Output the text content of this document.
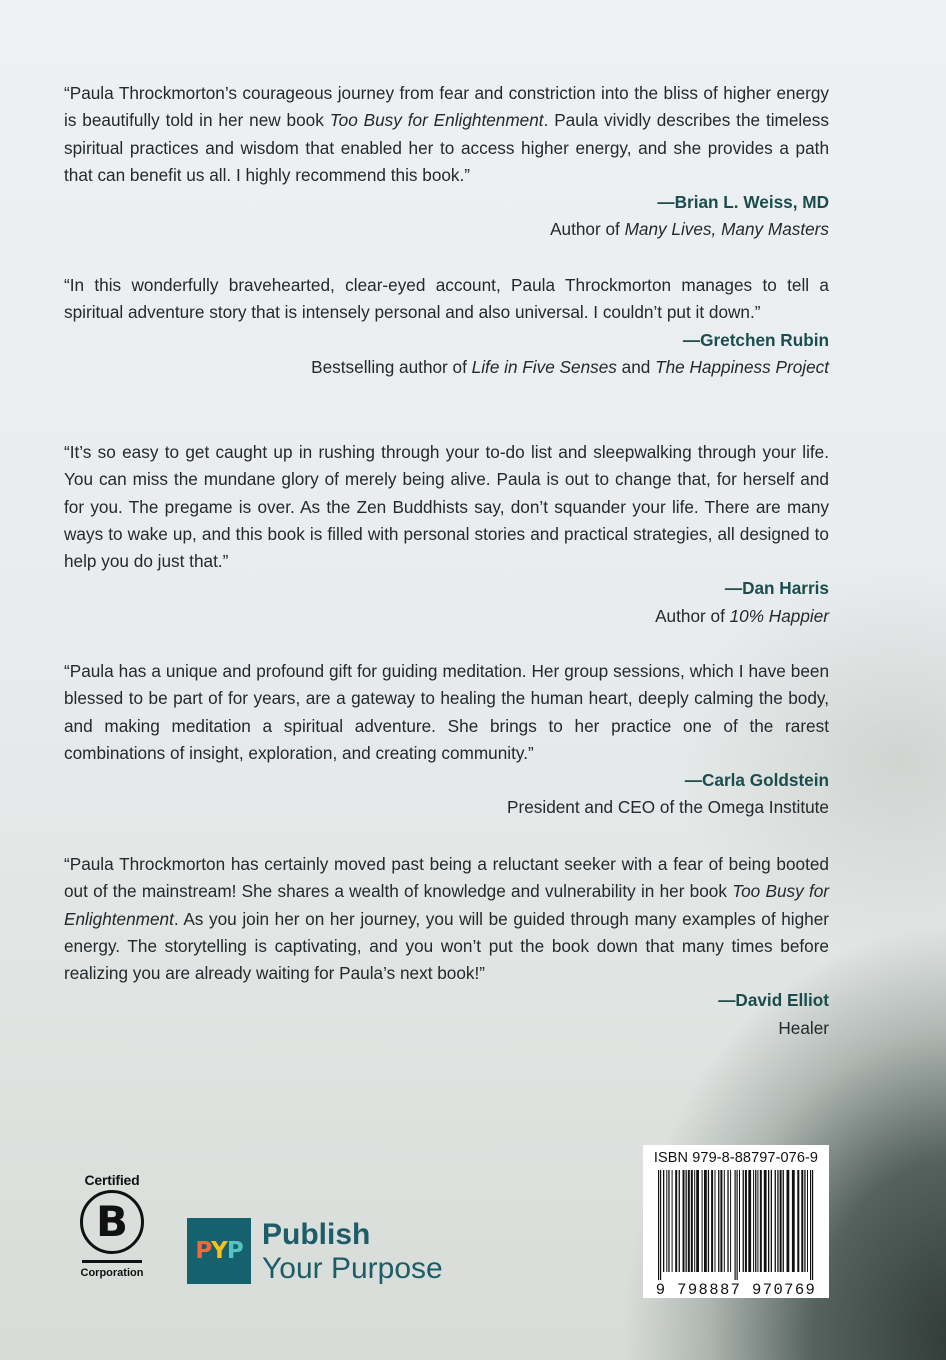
“Paula Throckmorton’s courageous journey from fear and constriction into the bliss of higher energy is beautifully told in her new book Too Busy for Enlightenment. Paula vividly describes the timeless spiritual practices and wisdom that enabled her to access higher energy, and she provides a path that can benefit us all. I highly recommend this book.”
—Brian L. Weiss, MD
Author of Many Lives, Many Masters
“In this wonderfully bravehearted, clear-eyed account, Paula Throckmorton manages to tell a spiritual adventure story that is intensely personal and also universal. I couldn’t put it down.”
—Gretchen Rubin
Bestselling author of Life in Five Senses and The Happiness Project
“It’s so easy to get caught up in rushing through your to-do list and sleepwalking through your life. You can miss the mundane glory of merely being alive. Paula is out to change that, for herself and for you. The pregame is over. As the Zen Buddhists say, don’t squander your life. There are many ways to wake up, and this book is filled with personal stories and practical strategies, all designed to help you do just that.”
—Dan Harris
Author of 10% Happier
“Paula has a unique and profound gift for guiding meditation. Her group sessions, which I have been blessed to be part of for years, are a gateway to healing the human heart, deeply calming the body, and making meditation a spiritual adventure. She brings to her practice one of the rarest combinations of insight, exploration, and creating community.”
—Carla Goldstein
President and CEO of the Omega Institute
“Paula Throckmorton has certainly moved past being a reluctant seeker with a fear of being booted out of the mainstream! She shares a wealth of knowledge and vulnerability in her book Too Busy for Enlightenment. As you join her on her journey, you will be guided through many examples of higher energy. The storytelling is captivating, and you won’t put the book down that many times before realizing you are already waiting for Paula’s next book!”
—David Elliot
Healer
Certified
B
Corporation
P Y P Publish
Your Purpose
ISBN 979-8-88797-076-9
9 798887 970769
